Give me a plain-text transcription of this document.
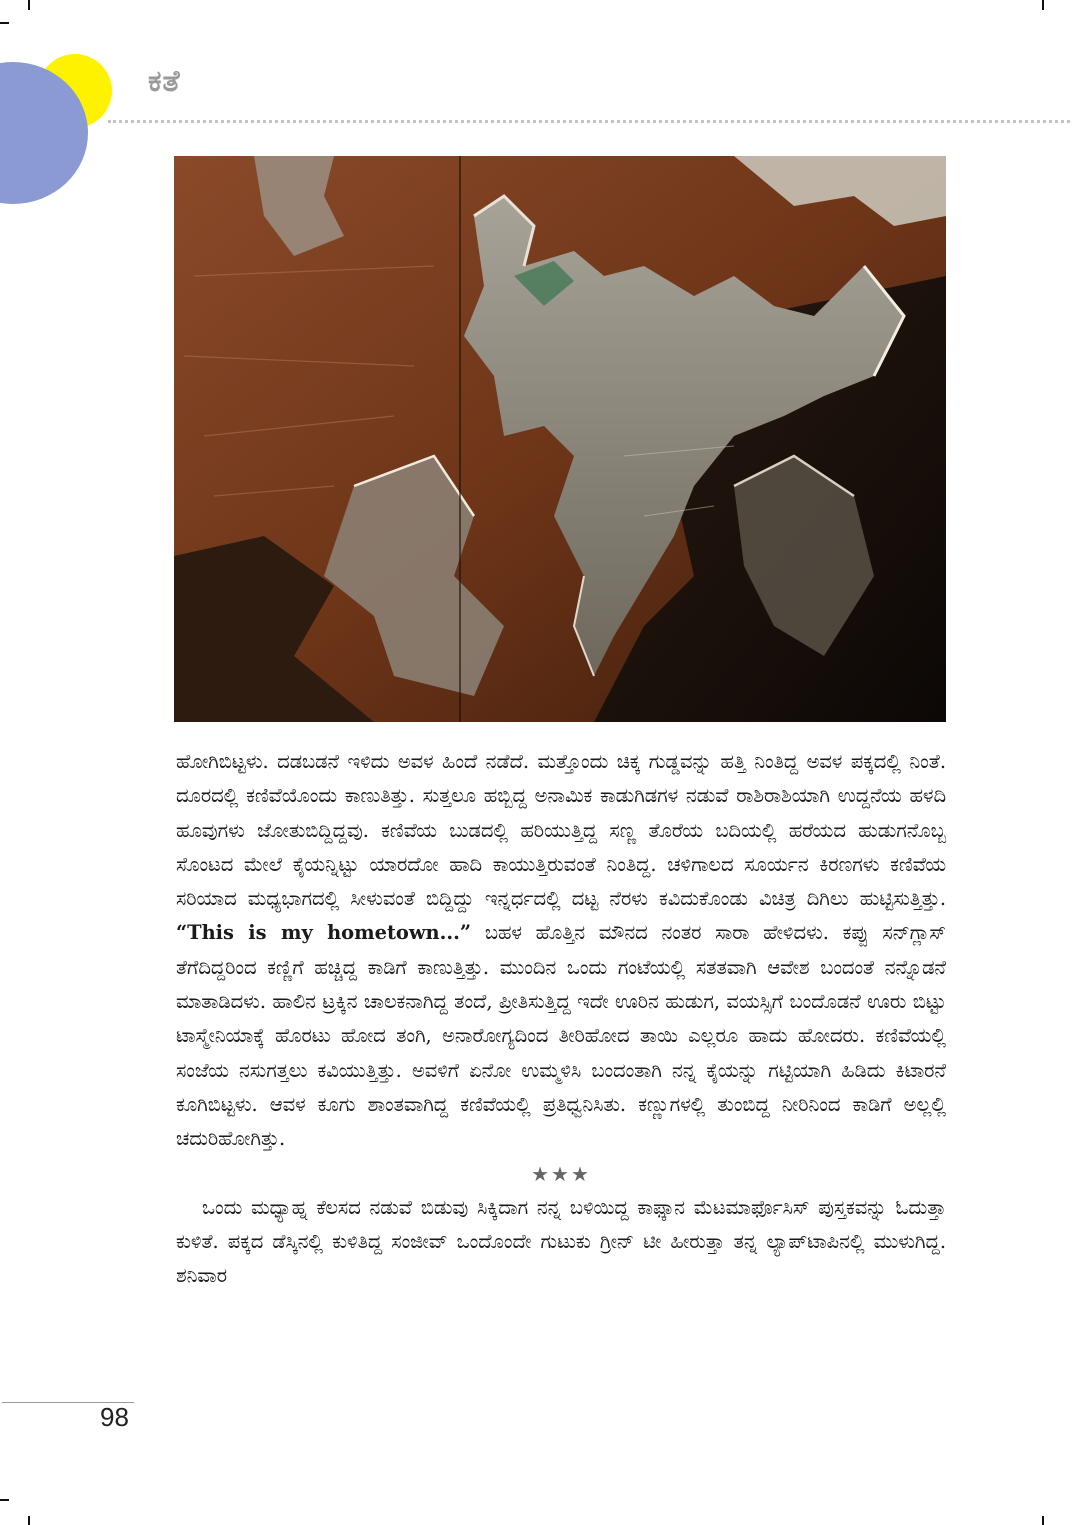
ಕತೆ

ಹೋಗಿಬಿಟ್ಟಳು. ದಡಬಡನೆ ಇಳಿದು ಅವಳ ಹಿಂದೆ ನಡೆದೆ. ಮತ್ತೊಂದು ಚಿಕ್ಕ ಗುಡ್ಡವನ್ನು ಹತ್ತಿ ನಿಂತಿದ್ದ ಅವಳ ಪಕ್ಕದಲ್ಲಿ ನಿಂತೆ. ದೂರದಲ್ಲಿ ಕಣಿವೆಯೊಂದು ಕಾಣುತಿತ್ತು. ಸುತ್ತಲೂ ಹಬ್ಬಿದ್ದ ಅನಾಮಿಕ ಕಾಡುಗಿಡಗಳ ನಡುವೆ ರಾಶಿರಾಶಿಯಾಗಿ ಉದ್ದನೆಯ ಹಳದಿ ಹೂವುಗಳು ಜೋತುಬಿದ್ದಿದ್ದವು. ಕಣಿವೆಯ ಬುಡದಲ್ಲಿ ಹರಿಯುತ್ತಿದ್ದ ಸಣ್ಣ ತೊರೆಯ ಬದಿಯಲ್ಲಿ ಹರೆಯದ ಹುಡುಗನೊಬ್ಬ ಸೊಂಟದ ಮೇಲೆ ಕೈಯನ್ನಿಟ್ಟು ಯಾರದೋ ಹಾದಿ ಕಾಯುತ್ತಿರುವಂತೆ ನಿಂತಿದ್ದ. ಚಳಿಗಾಲದ ಸೂರ್ಯನ ಕಿರಣಗಳು ಕಣಿವೆಯ ಸರಿಯಾದ ಮಧ್ಯಭಾಗದಲ್ಲಿ ಸೀಳುವಂತೆ ಬಿದ್ದಿದ್ದು ಇನ್ನರ್ಧದಲ್ಲಿ ದಟ್ಟ ನೆರಳು ಕವಿದುಕೊಂಡು ವಿಚಿತ್ರ ದಿಗಿಲು ಹುಟ್ಟಿಸುತ್ತಿತ್ತು. “This is my hometown...” ಬಹಳ ಹೊತ್ತಿನ ಮೌನದ ನಂತರ ಸಾರಾ ಹೇಳಿದಳು. ಕಪ್ಪು ಸನ್‌ಗ್ಲಾಸ್ ತೆಗೆದಿದ್ದರಿಂದ ಕಣ್ಣಿಗೆ ಹಚ್ಚಿದ್ದ ಕಾಡಿಗೆ ಕಾಣುತ್ತಿತ್ತು. ಮುಂದಿನ ಒಂದು ಗಂಟೆಯಲ್ಲಿ ಸತತವಾಗಿ ಆವೇಶ ಬಂದಂತೆ ನನ್ನೊಡನೆ ಮಾತಾಡಿದಳು. ಹಾಲಿನ ಟ್ರಕ್ಕಿನ ಚಾಲಕನಾಗಿದ್ದ ತಂದೆ, ಪ್ರೀತಿಸುತ್ತಿದ್ದ ಇದೇ ಊರಿನ ಹುಡುಗ, ವಯಸ್ಸಿಗೆ ಬಂದೊಡನೆ ಊರು ಬಿಟ್ಟು ಟಾಸ್ಮೇನಿಯಾಕ್ಕೆ ಹೊರಟು ಹೋದ ತಂಗಿ, ಅನಾರೋಗ್ಯದಿಂದ ತೀರಿಹೋದ ತಾಯಿ ಎಲ್ಲರೂ ಹಾದು ಹೋದರು. ಕಣಿವೆಯಲ್ಲಿ ಸಂಜೆಯ ನಸುಗತ್ತಲು ಕವಿಯುತ್ತಿತ್ತು. ಅವಳಿಗೆ ಏನೋ ಉಮ್ಮಳಿಸಿ ಬಂದಂತಾಗಿ ನನ್ನ ಕೈಯನ್ನು ಗಟ್ಟಿಯಾಗಿ ಹಿಡಿದು ಕಿಟಾರನೆ ಕೂಗಿಬಿಟ್ಟಳು. ಆವಳ ಕೂಗು ಶಾಂತವಾಗಿದ್ದ ಕಣಿವೆಯಲ್ಲಿ ಪ್ರತಿಧ್ವನಿಸಿತು. ಕಣ್ಣುಗಳಲ್ಲಿ ತುಂಬಿದ್ದ ನೀರಿನಿಂದ ಕಾಡಿಗೆ ಅಲ್ಲಲ್ಲಿ ಚದುರಿಹೋಗಿತ್ತು.

★★★

ಒಂದು ಮಧ್ಯಾಹ್ನ ಕೆಲಸದ ನಡುವೆ ಬಿಡುವು ಸಿಕ್ಕಿದಾಗ ನನ್ನ ಬಳಿಯಿದ್ದ ಕಾಫ್ಕಾನ ಮೆಟಮಾರ್ಫೊಸಿಸ್ ಪುಸ್ತಕವನ್ನು ಓದುತ್ತಾ ಕುಳಿತೆ. ಪಕ್ಕದ ಡೆಸ್ಕಿನಲ್ಲಿ ಕುಳಿತಿದ್ದ ಸಂಜೀವ್ ಒಂದೊಂದೇ ಗುಟುಕು ಗ್ರೀನ್ ಟೀ ಹೀರುತ್ತಾ ತನ್ನ ಲ್ಯಾಪ್‌ಟಾಪಿನಲ್ಲಿ ಮುಳುಗಿದ್ದ. ಶನಿವಾರ

98
